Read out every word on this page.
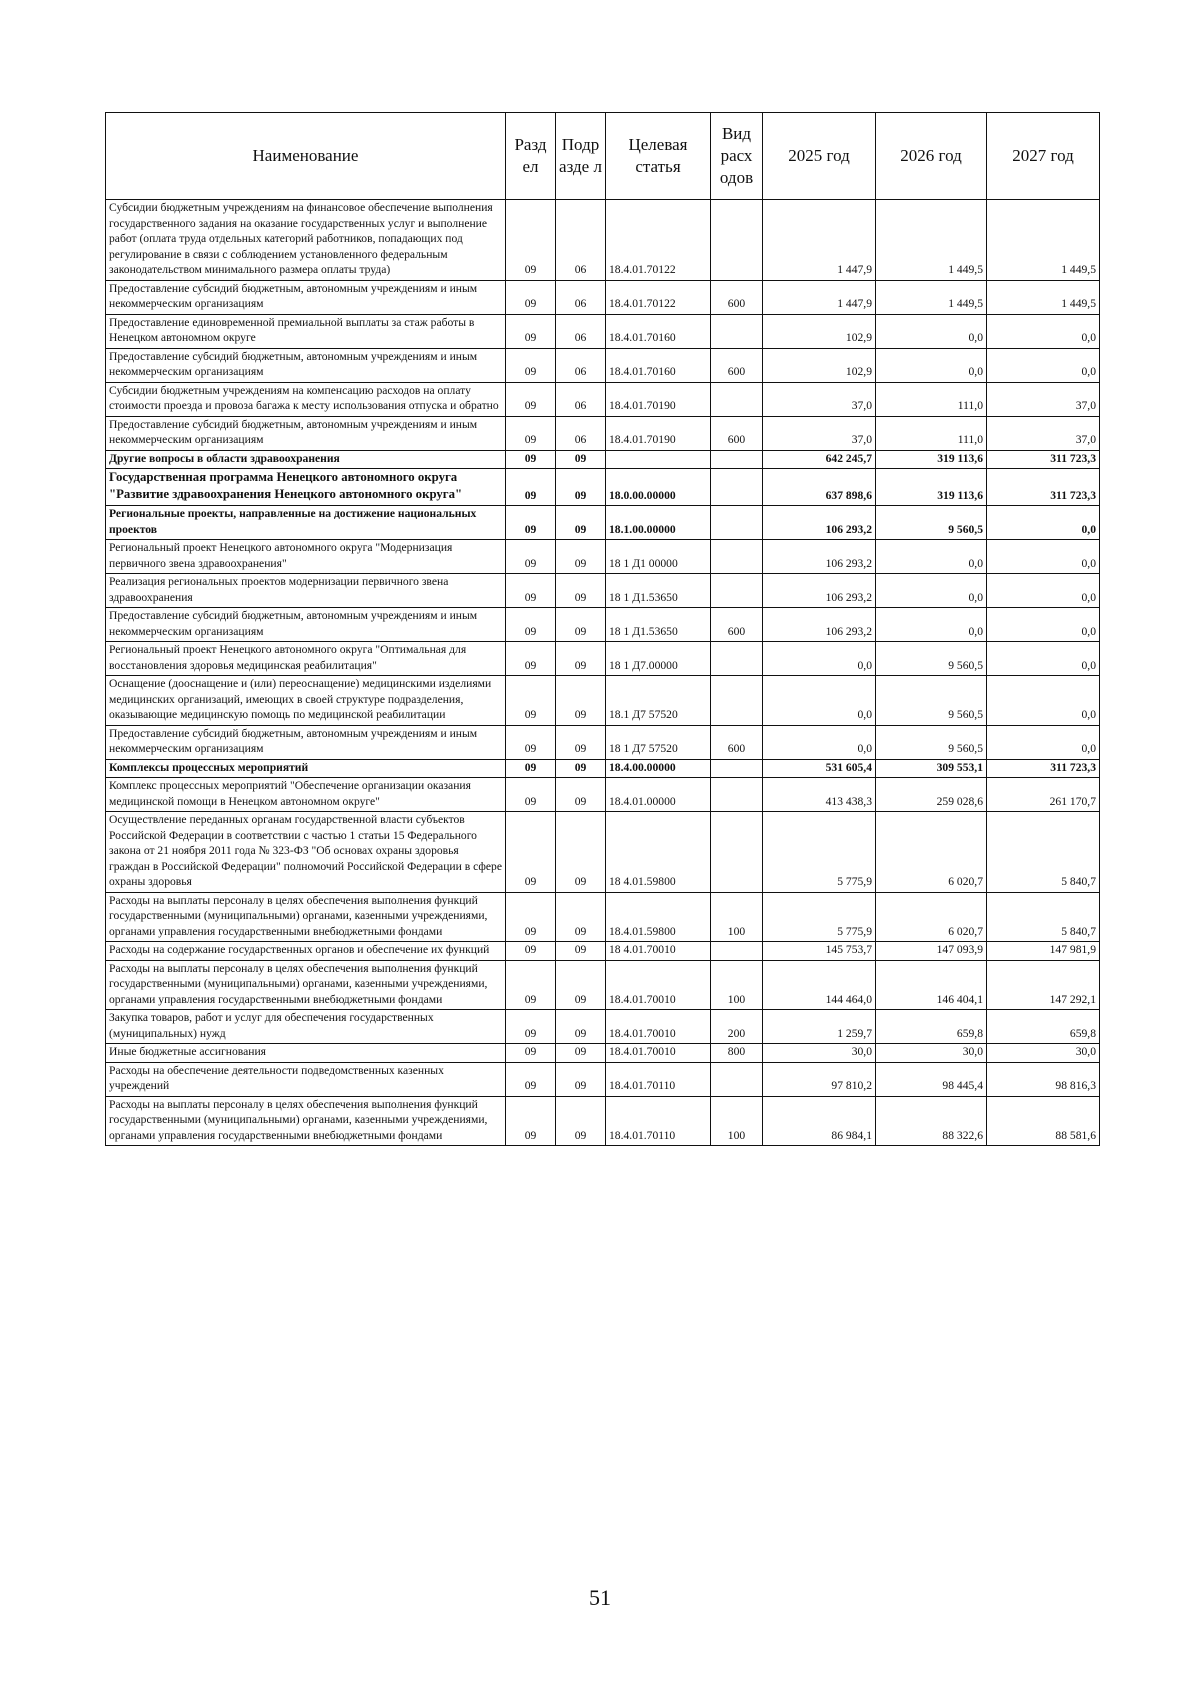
Наименование	Разд ел	Подр азде л	Целевая статья	Вид расх одов	2025 год	2026 год	2027 год
Субсидии бюджетным учреждениям на финансовое обеспечение выполнения государственного задания на оказание государственных услуг и выполнение работ (оплата труда отдельных категорий работников, попадающих под регулирование в связи с соблюдением установленного федеральным законодательством минимального размера оплаты труда)	09	06	18.4.01.70122		1 447,9	1 449,5	1 449,5
Предоставление субсидий бюджетным, автономным учреждениям и иным некоммерческим организациям	09	06	18.4.01.70122	600	1 447,9	1 449,5	1 449,5
Предоставление единовременной премиальной выплаты за стаж работы в Ненецком автономном округе	09	06	18.4.01.70160		102,9	0,0	0,0
Предоставление субсидий бюджетным, автономным учреждениям и иным некоммерческим организациям	09	06	18.4.01.70160	600	102,9	0,0	0,0
Субсидии бюджетным учреждениям на компенсацию расходов на оплату стоимости проезда и провоза багажа к месту использования отпуска и обратно	09	06	18.4.01.70190		37,0	111,0	37,0
Предоставление субсидий бюджетным, автономным учреждениям и иным некоммерческим организациям	09	06	18.4.01.70190	600	37,0	111,0	37,0
Другие вопросы в области здравоохранения	09	09			642 245,7	319 113,6	311 723,3
Государственная программа Ненецкого автономного округа "Развитие здравоохранения Ненецкого автономного округа"	09	09	18.0.00.00000		637 898,6	319 113,6	311 723,3
Региональные проекты, направленные на достижение национальных проектов	09	09	18.1.00.00000		106 293,2	9 560,5	0,0
Региональный проект Ненецкого автономного округа "Модернизация первичного звена здравоохранения"	09	09	18 1 Д1 00000		106 293,2	0,0	0,0
Реализация региональных проектов модернизации первичного звена здравоохранения	09	09	18 1 Д1.53650		106 293,2	0,0	0,0
Предоставление субсидий бюджетным, автономным учреждениям и иным некоммерческим организациям	09	09	18 1 Д1.53650	600	106 293,2	0,0	0,0
Региональный проект Ненецкого автономного округа "Оптимальная для восстановления здоровья медицинская реабилитация"	09	09	18 1 Д7.00000		0,0	9 560,5	0,0
Оснащение (дооснащение и (или) переоснащение) медицинскими изделиями медицинских организаций, имеющих в своей структуре подразделения, оказывающие медицинскую помощь по медицинской реабилитации	09	09	18.1 Д7 57520		0,0	9 560,5	0,0
Предоставление субсидий бюджетным, автономным учреждениям и иным некоммерческим организациям	09	09	18 1 Д7 57520	600	0,0	9 560,5	0,0
Комплексы процессных мероприятий	09	09	18.4.00.00000		531 605,4	309 553,1	311 723,3
Комплекс процессных мероприятий "Обеспечение организации оказания медицинской помощи в Ненецком автономном округе"	09	09	18.4.01.00000		413 438,3	259 028,6	261 170,7
Осуществление переданных органам государственной власти субъектов Российской Федерации в соответствии с частью 1 статьи 15 Федерального закона от 21 ноября 2011 года № 323-ФЗ "Об основах охраны здоровья граждан в Российской Федерации" полномочий Российской Федерации в сфере охраны здоровья	09	09	18 4.01.59800		5 775,9	6 020,7	5 840,7
Расходы на выплаты персоналу в целях обеспечения выполнения функций государственными (муниципальными) органами, казенными учреждениями, органами управления государственными внебюджетными фондами	09	09	18.4.01.59800	100	5 775,9	6 020,7	5 840,7
Расходы на содержание государственных органов и обеспечение их функций	09	09	18 4.01.70010		145 753,7	147 093,9	147 981,9
Расходы на выплаты персоналу в целях обеспечения выполнения функций государственными (муниципальными) органами, казенными учреждениями, органами управления государственными внебюджетными фондами	09	09	18.4.01.70010	100	144 464,0	146 404,1	147 292,1
Закупка товаров, работ и услуг для обеспечения государственных (муниципальных) нужд	09	09	18.4.01.70010	200	1 259,7	659,8	659,8
Иные бюджетные ассигнования	09	09	18.4.01.70010	800	30,0	30,0	30,0
Расходы на обеспечение деятельности подведомственных казенных учреждений	09	09	18.4.01.70110		97 810,2	98 445,4	98 816,3
Расходы на выплаты персоналу в целях обеспечения выполнения функций государственными (муниципальными) органами, казенными учреждениями, органами управления государственными внебюджетными фондами	09	09	18.4.01.70110	100	86 984,1	88 322,6	88 581,6
51
